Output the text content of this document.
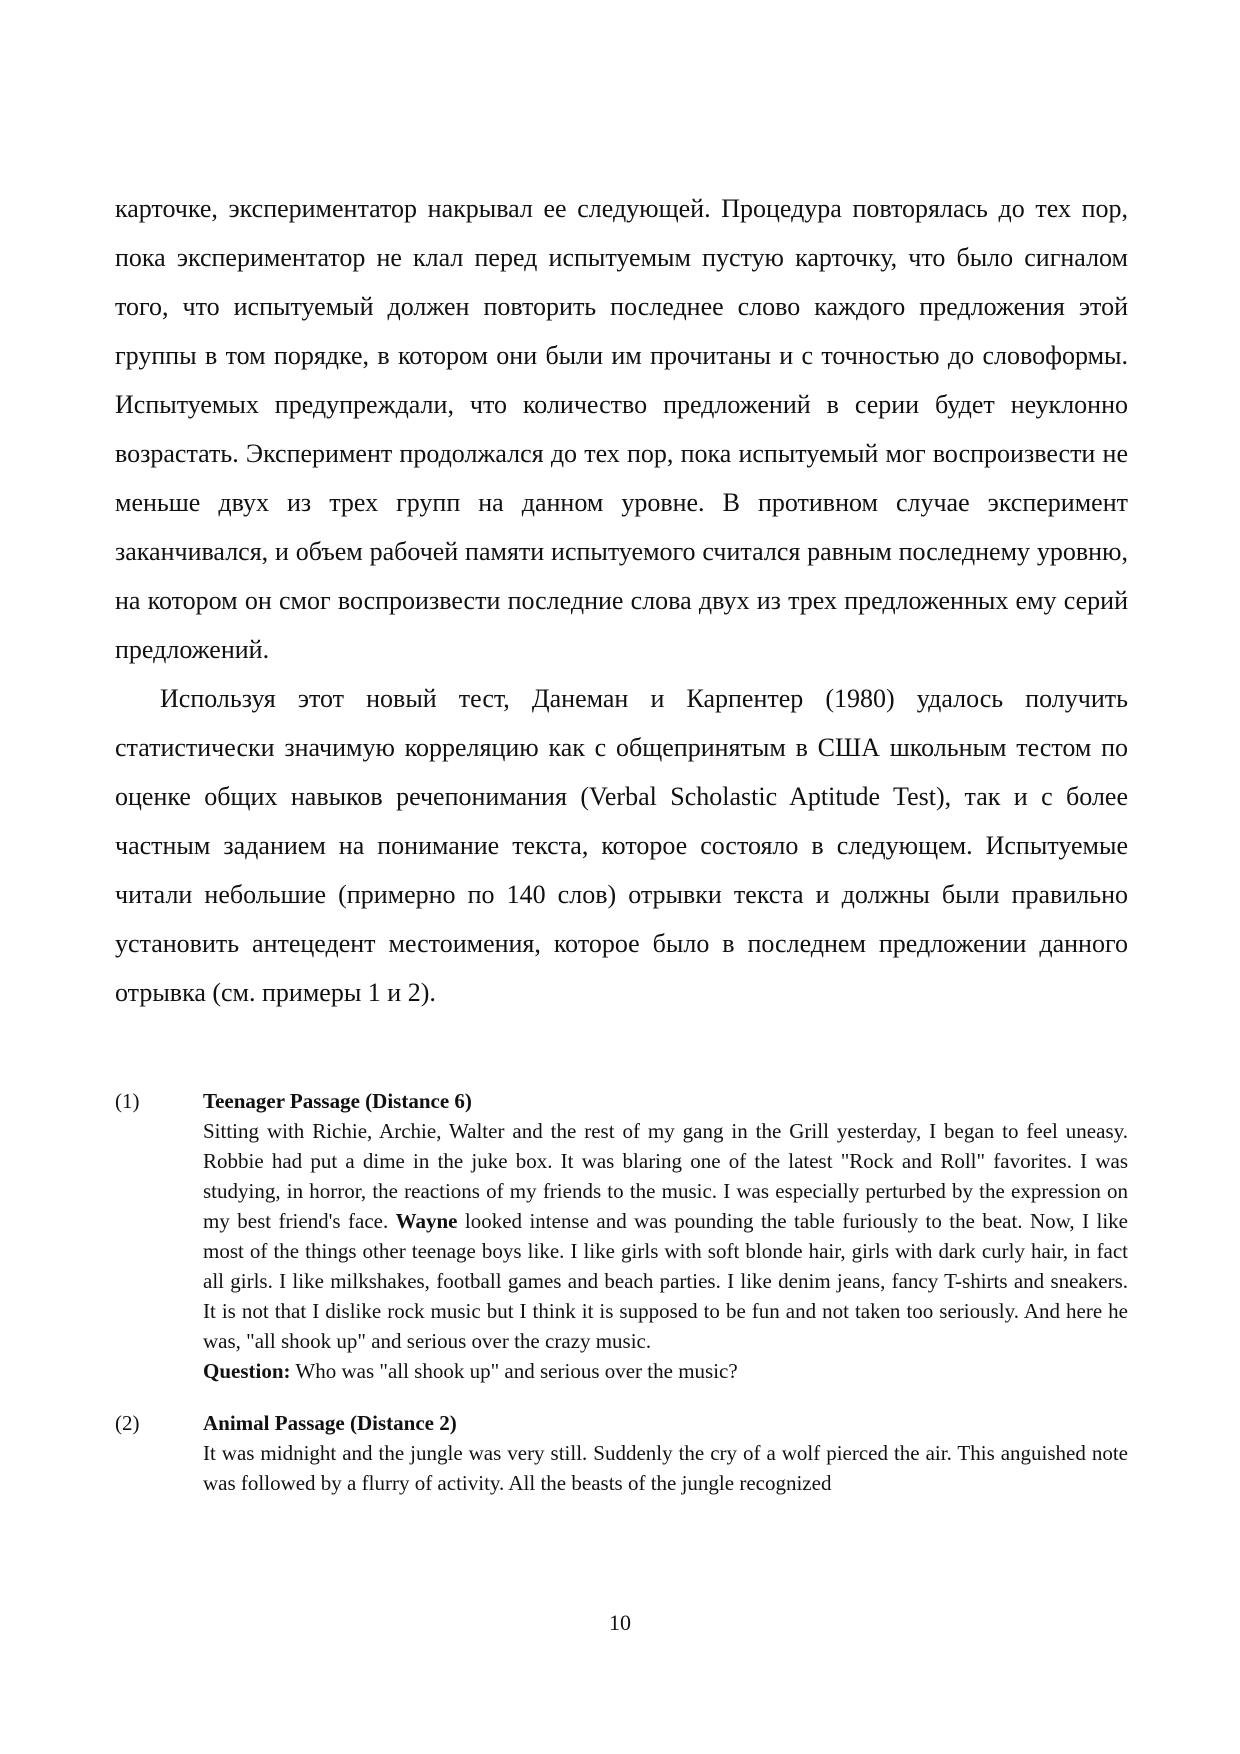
карточке, экспериментатор накрывал ее следующей. Процедура повторялась до тех пор, пока экспериментатор не клал перед испытуемым пустую карточку, что было сигналом того, что испытуемый должен повторить последнее слово каждого предложения этой группы в том порядке, в котором они были им прочитаны и с точностью до словоформы. Испытуемых предупреждали, что количество предложений в серии будет неуклонно возрастать. Эксперимент продолжался до тех пор, пока испытуемый мог воспроизвести не меньше двух из трех групп на данном уровне. В противном случае эксперимент заканчивался, и объем рабочей памяти испытуемого считался равным последнему уровню, на котором он смог воспроизвести последние слова двух из трех предложенных ему серий предложений.

Используя этот новый тест, Данеман и Карпентер (1980) удалось получить статистически значимую корреляцию как с общепринятым в США школьным тестом по оценке общих навыков речепонимания (Verbal Scholastic Aptitude Test), так и с более частным заданием на понимание текста, которое состояло в следующем. Испытуемые читали небольшие (примерно по 140 слов) отрывки текста и должны были правильно установить антецедент местоимения, которое было в последнем предложении данного отрывка (см. примеры 1 и 2).

(1)	Teenager Passage (Distance 6)

Sitting with Richie, Archie, Walter and the rest of my gang in the Grill yesterday, I began to feel uneasy. Robbie had put a dime in the juke box. It was blaring one of the latest "Rock and Roll" favorites. I was studying, in horror, the reactions of my friends to the music. I was especially perturbed by the expression on my best friend's face. Wayne looked intense and was pounding the table furiously to the beat. Now, I like most of the things other teenage boys like. I like girls with soft blonde hair, girls with dark curly hair, in fact all girls. I like milkshakes, football games and beach parties. I like denim jeans, fancy T-shirts and sneakers. It is not that I dislike rock music but I think it is supposed to be fun and not taken too seriously. And here he was, "all shook up" and serious over the crazy music.

Question: Who was "all shook up" and serious over the music?
(2)	Animal Passage (Distance 2)

It was midnight and the jungle was very still. Suddenly the cry of a wolf pierced the air. This anguished note was followed by a flurry of activity. All the beasts of the jungle recognized

10
